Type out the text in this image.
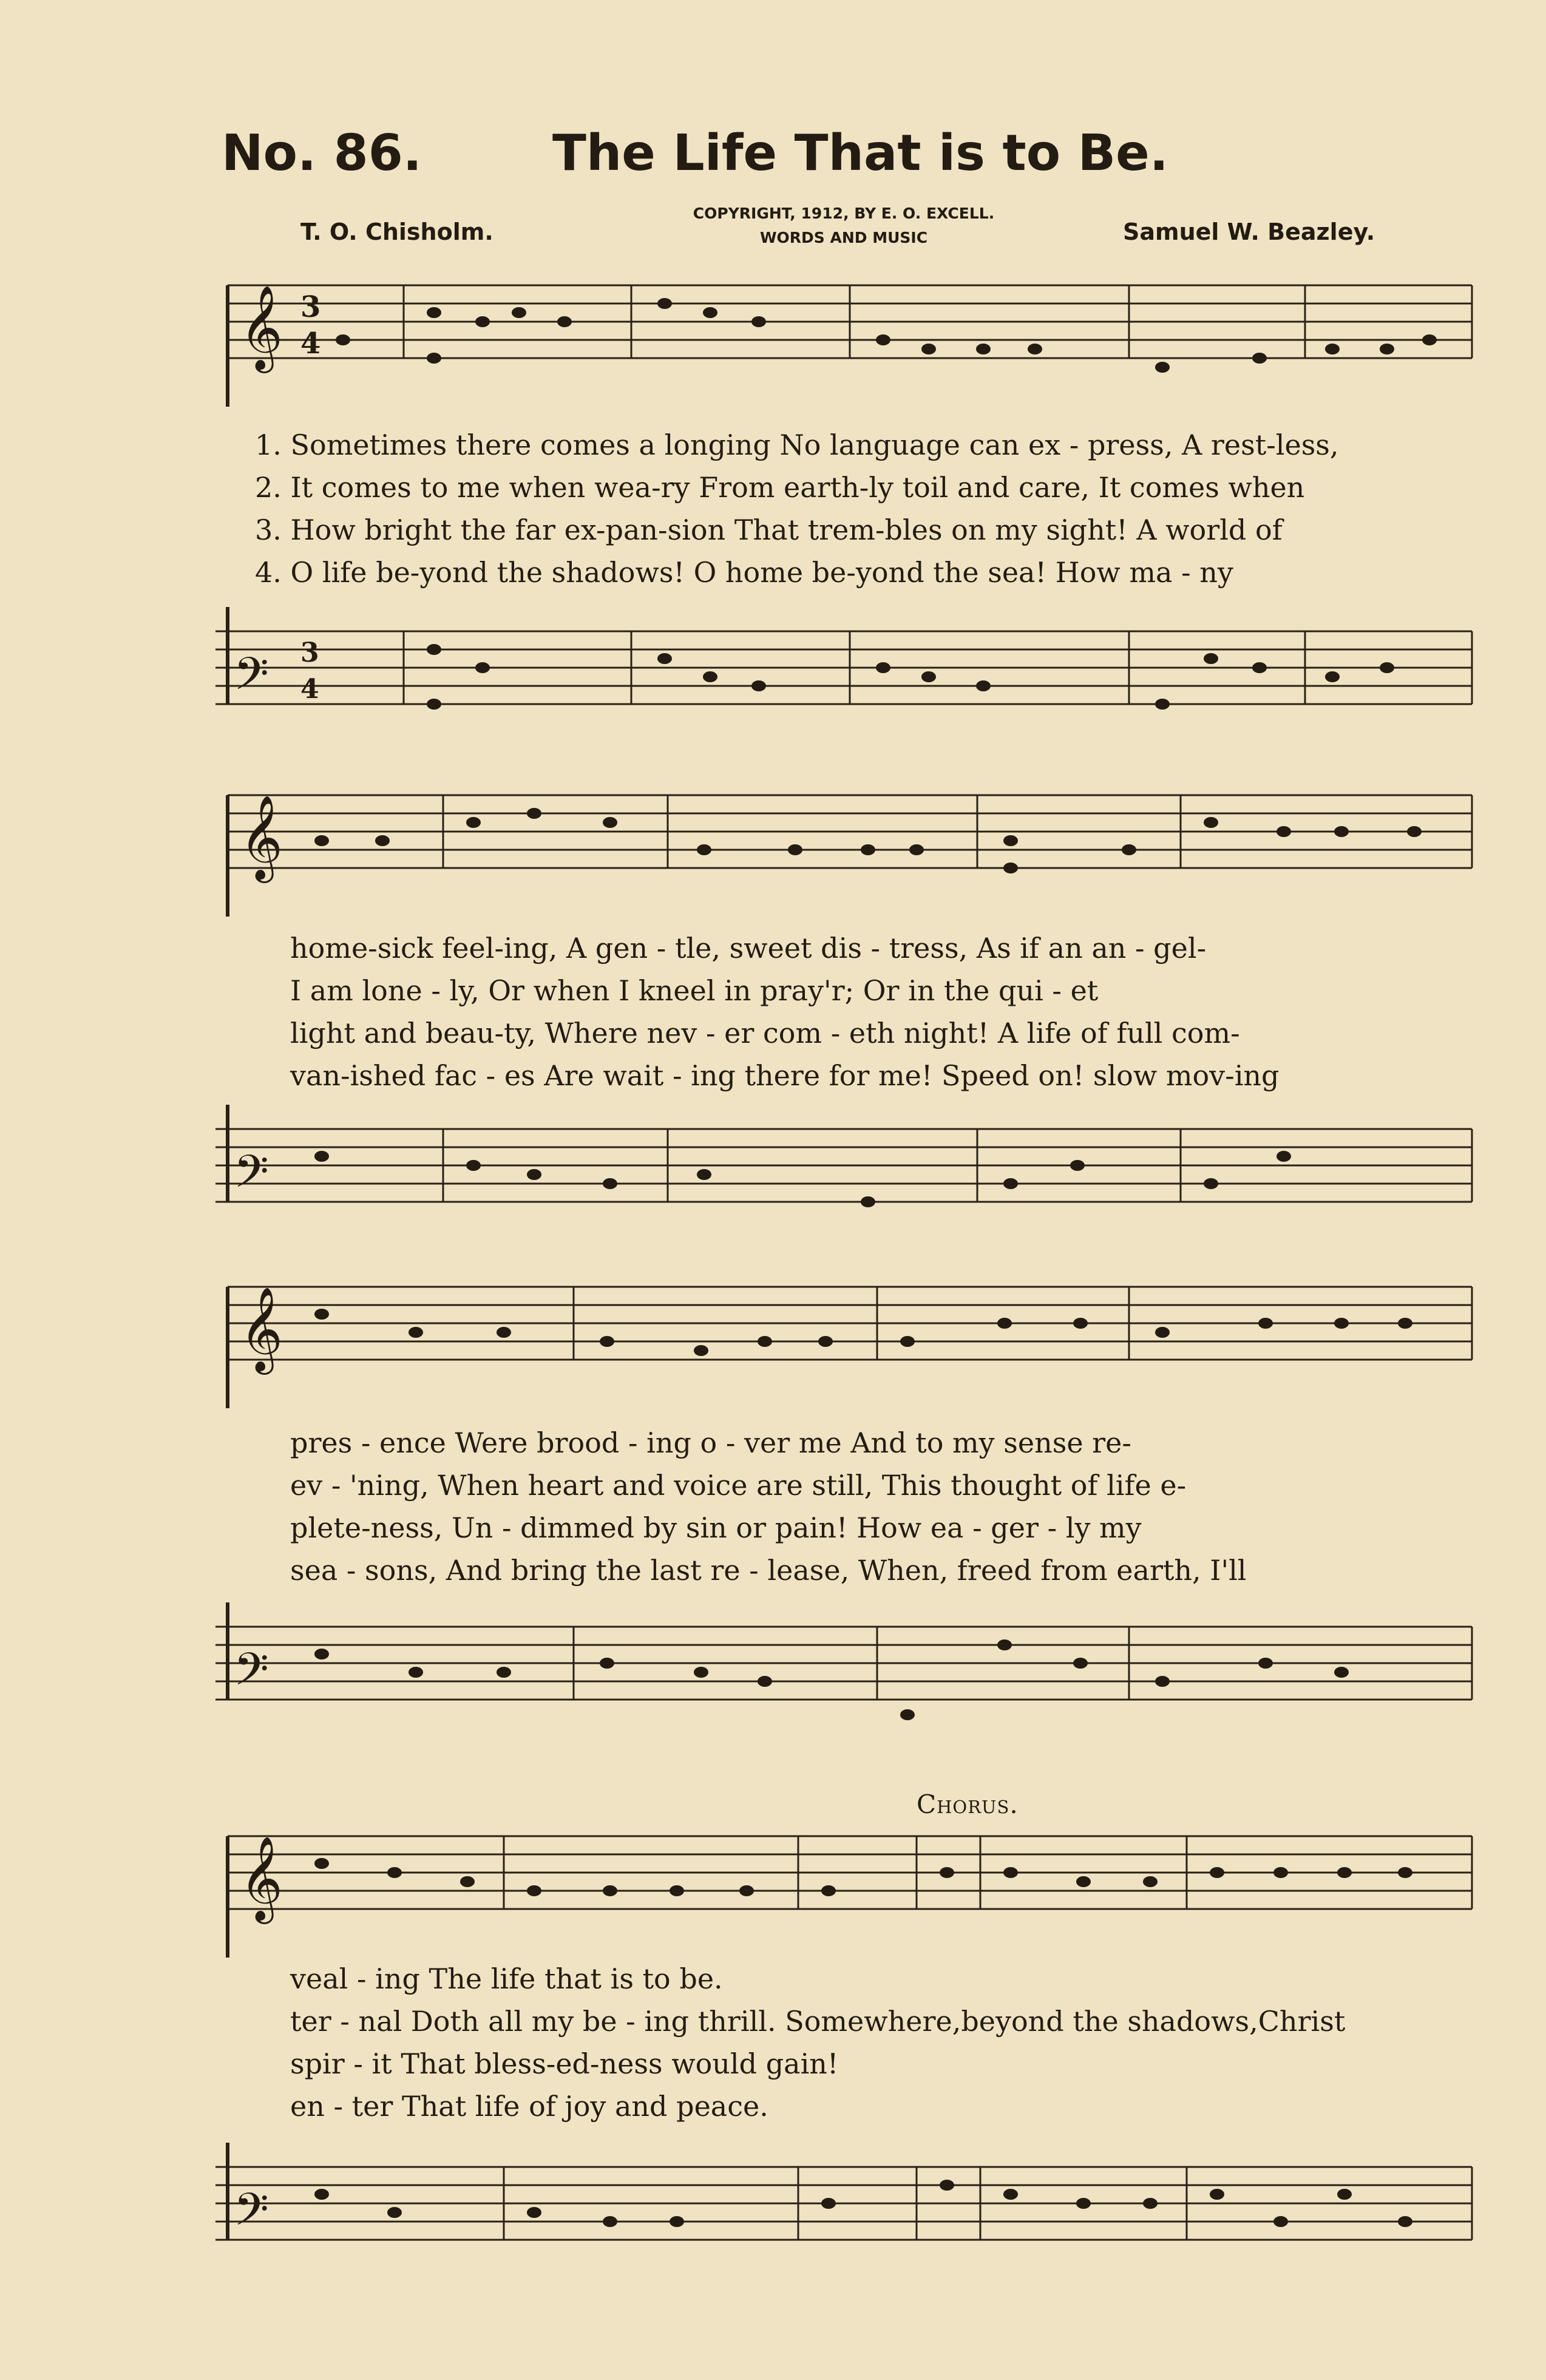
No. 86.	The Life That is to Be.
T. O. Chisholm.
COPYRIGHT, 1912, BY E. O. EXCELL.
WORDS AND MUSIC	Samuel W. Beazley.
𝄞 3
4
1. Sometimes there comes a longing No language can ex - press, A rest-less,
2. It comes to me when wea-ry From earth-ly toil and care, It comes when
3. How bright the far ex-pan-sion That trem-bles on my sight! A world of
4. O life be-yond the shadows! O home be-yond the sea! How ma - ny
𝄢 3
4
𝄞
home-sick feel-ing, A gen - tle, sweet dis - tress, As if an an - gel-
I am lone - ly, Or when I kneel in pray'r; Or in the qui - et
light and beau-ty, Where nev - er com - eth night! A life of full com-
van-ished fac - es Are wait - ing there for me! Speed on! slow mov-ing
𝄢
𝄞
pres - ence Were brood - ing o - ver me And to my sense re-
ev - 'ning, When heart and voice are still, This thought of life e-
plete-ness, Un - dimmed by sin or pain! How ea - ger - ly my
sea - sons, And bring the last re - lease, When, freed from earth, I'll
𝄢
Chorus.
𝄞
veal - ing The life that is to be.
ter - nal Doth all my be - ing thrill. Somewhere,beyond the shadows,Christ
spir - it That bless-ed-ness would gain!
en - ter That life of joy and peace.
𝄢
